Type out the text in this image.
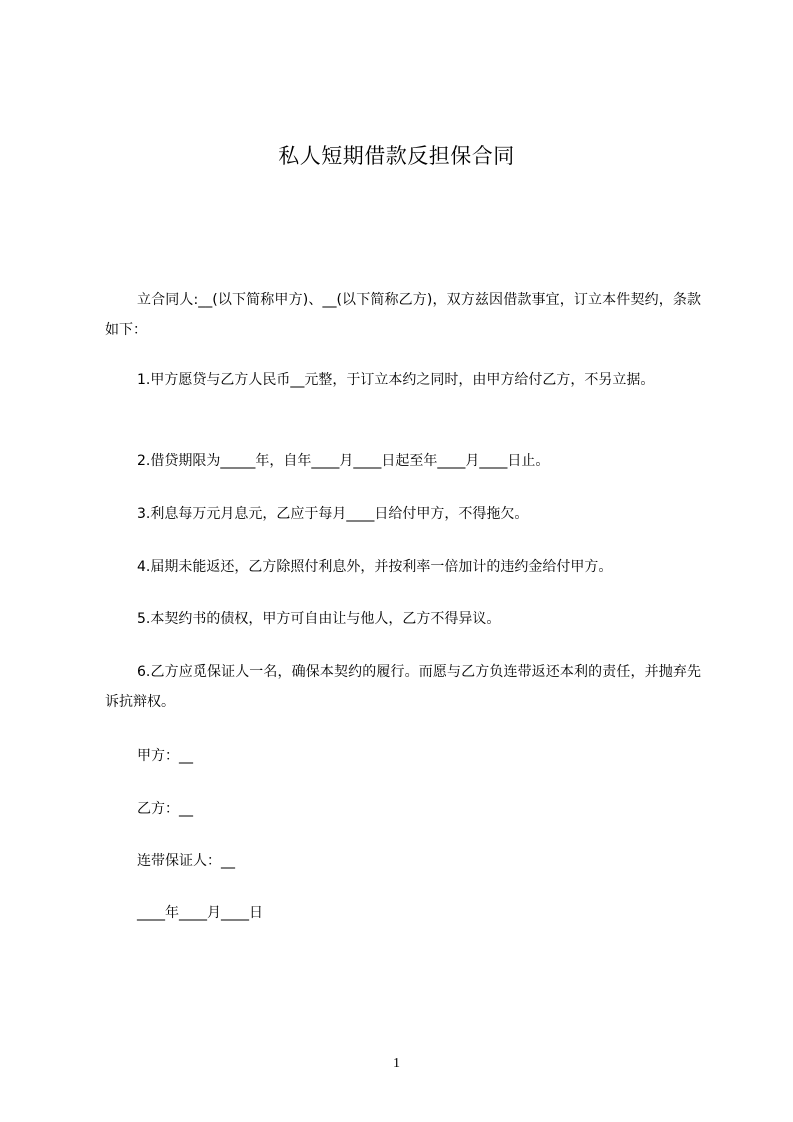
私人短期借款反担保合同
立合同人:__(以下简称甲方)、__(以下简称乙方)，双方兹因借款事宜，订立本件契约，条款如下：
1.甲方愿贷与乙方人民币__元整，于订立本约之同时，由甲方给付乙方，不另立据。
2.借贷期限为_____年，自年____月____日起至年____月____日止。
3.利息每万元月息元，乙应于每月____日给付甲方，不得拖欠。
4.届期未能返还，乙方除照付利息外，并按利率一倍加计的违约金给付甲方。
5.本契约书的债权，甲方可自由让与他人，乙方不得异议。
6.乙方应觅保证人一名，确保本契约的履行。而愿与乙方负连带返还本利的责任，并抛弃先诉抗辩权。
甲方：__
乙方：__
连带保证人：__
____年____月____日
1
